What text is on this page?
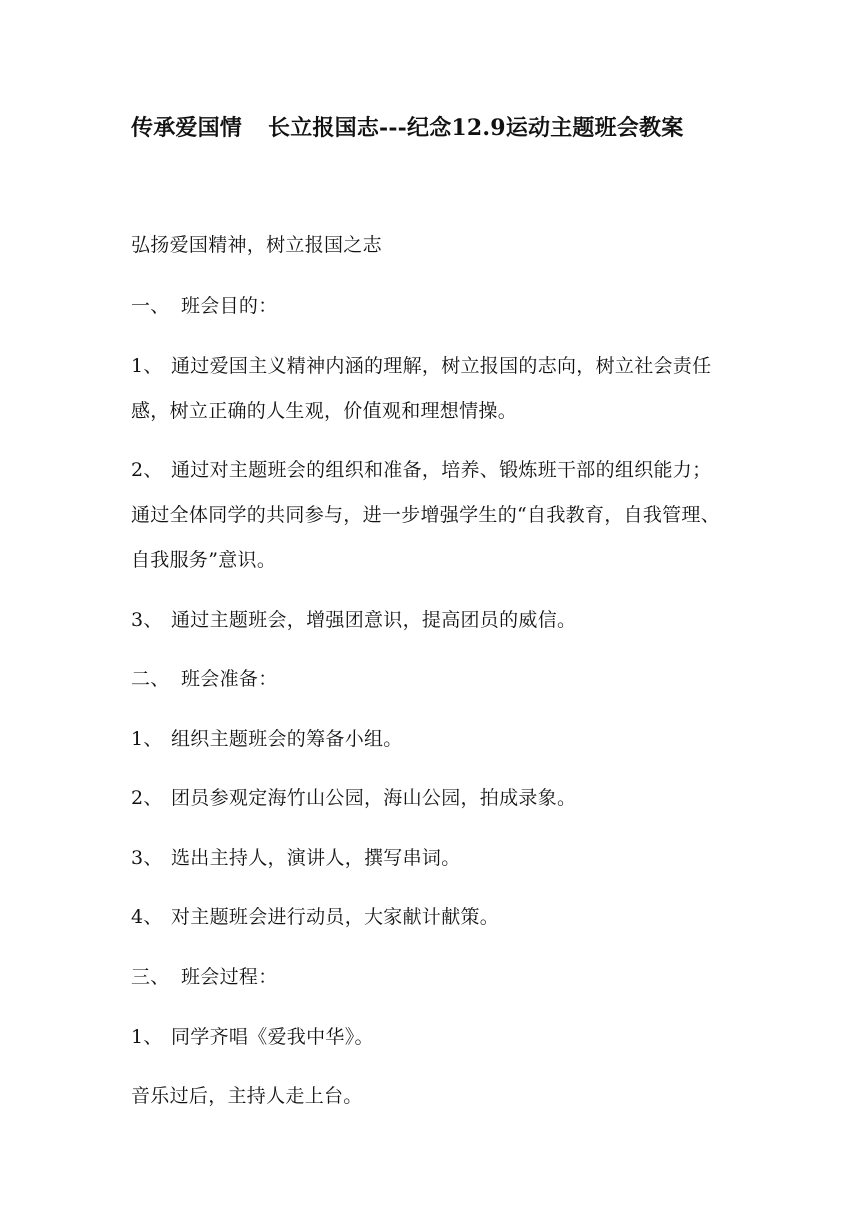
传承爱国情 长立报国志---纪念12.9运动主题班会教案
弘扬爱国精神，树立报国之志
一、 班会目的：
1、 通过爱国主义精神内涵的理解，树立报国的志向，树立社会责任
感，树立正确的人生观，价值观和理想情操。
2、 通过对主题班会的组织和准备，培养、锻炼班干部的组织能力；
通过全体同学的共同参与，进一步增强学生的“自我教育，自我管理、
自我服务”意识。
3、 通过主题班会，增强团意识，提高团员的威信。
二、 班会准备：
1、 组织主题班会的筹备小组。
2、 团员参观定海竹山公园，海山公园，拍成录象。
3、 选出主持人，演讲人，撰写串词。
4、 对主题班会进行动员，大家献计献策。
三、 班会过程：
1、 同学齐唱《爱我中华》。
音乐过后，主持人走上台。
